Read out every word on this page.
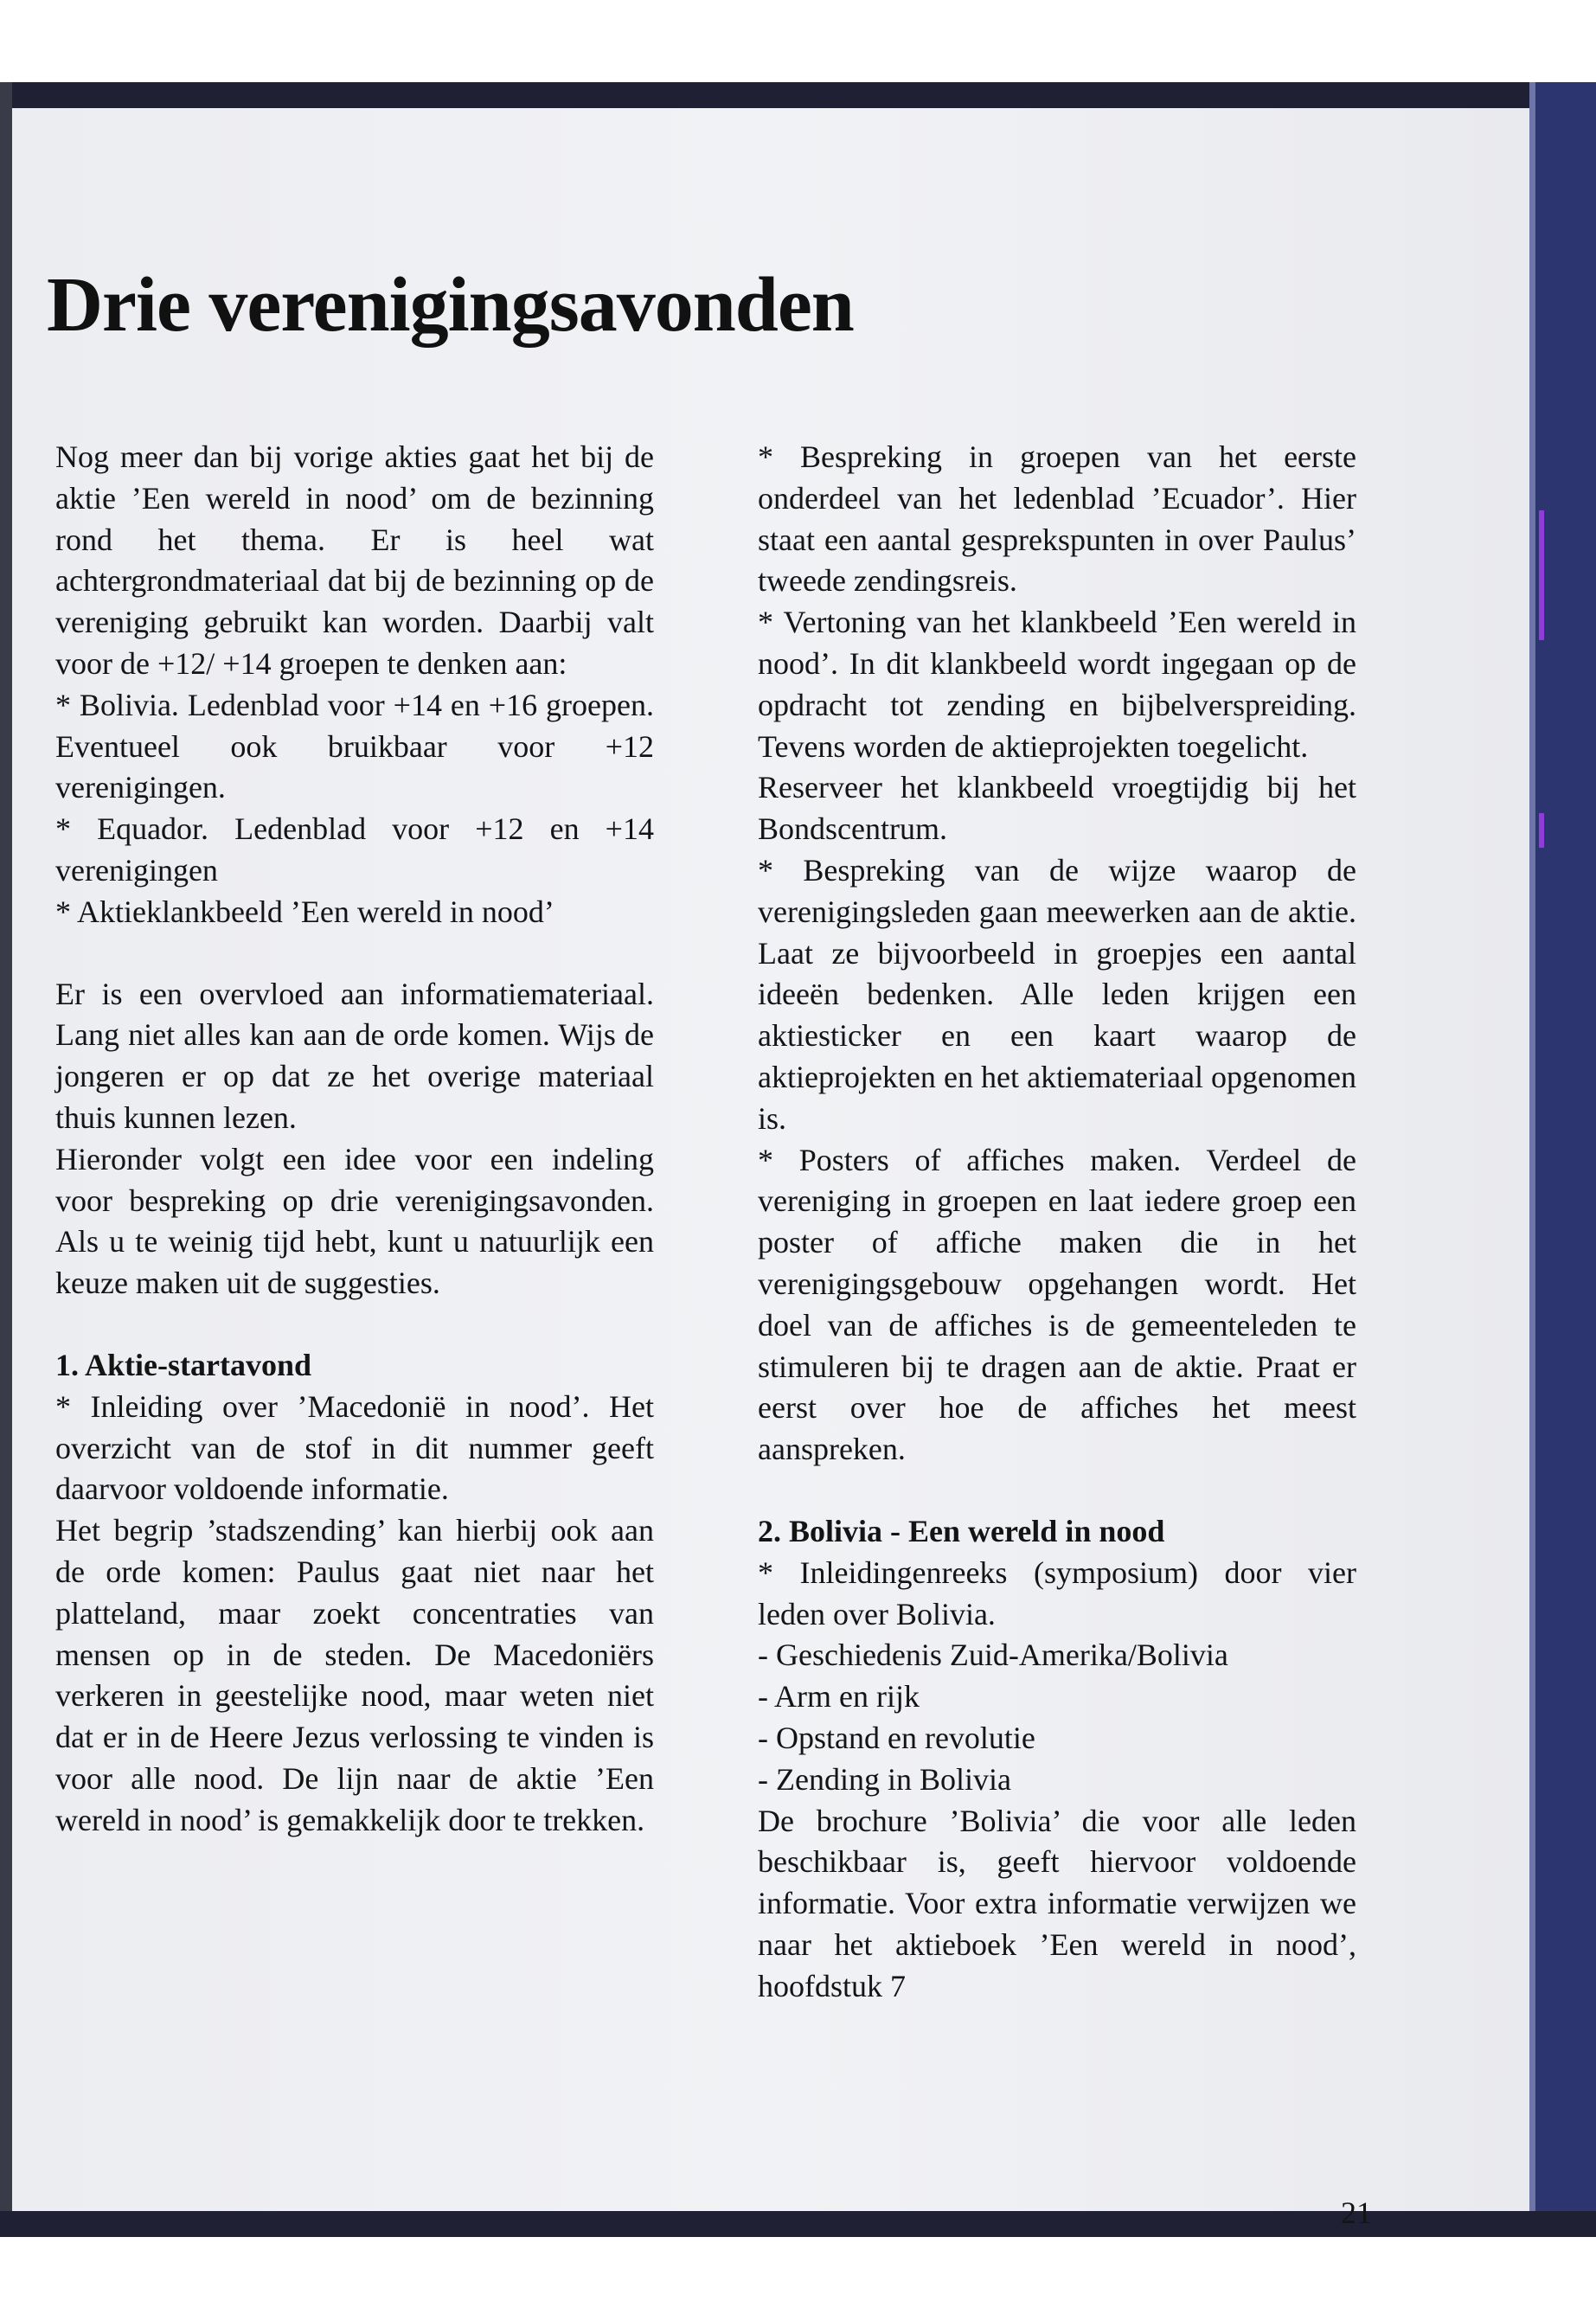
Drie verenigingsavonden

Nog meer dan bij vorige akties gaat het bij de aktie ’Een wereld in nood’ om de bezinning rond het thema. Er is heel wat achtergrondmateriaal dat bij de bezinning op de vereniging gebruikt kan worden. Daarbij valt voor de +12/ +14 groepen te denken aan:

* Bolivia. Ledenblad voor +14 en +16 groepen. Eventueel ook bruikbaar voor +12 verenigingen.

* Equador. Ledenblad voor +12 en +14 verenigingen

* Aktieklankbeeld ’Een wereld in nood’

Er is een overvloed aan informatiemateriaal. Lang niet alles kan aan de orde komen. Wijs de jongeren er op dat ze het overige materiaal thuis kunnen lezen.

Hieronder volgt een idee voor een indeling voor bespreking op drie verenigingsavonden. Als u te weinig tijd hebt, kunt u natuurlijk een keuze maken uit de suggesties.

1. Aktie-startavond

* Inleiding over ’Macedonië in nood’. Het overzicht van de stof in dit nummer geeft daarvoor voldoende informatie.

Het begrip ’stadszending’ kan hierbij ook aan de orde komen: Paulus gaat niet naar het platteland, maar zoekt concentraties van mensen op in de steden. De Macedoniërs verkeren in geestelijke nood, maar weten niet dat er in de Heere Jezus verlossing te vinden is voor alle nood. De lijn naar de aktie ’Een wereld in nood’ is gemakkelijk door te trekken.

* Bespreking in groepen van het eerste onderdeel van het ledenblad ’Ecuador’. Hier staat een aantal gesprekspunten in over Paulus’ tweede zendingsreis.

* Vertoning van het klankbeeld ’Een wereld in nood’. In dit klankbeeld wordt ingegaan op de opdracht tot zending en bijbelverspreiding. Tevens worden de aktieprojekten toegelicht.

Reserveer het klankbeeld vroegtijdig bij het Bondscentrum.

* Bespreking van de wijze waarop de verenigingsleden gaan meewerken aan de aktie. Laat ze bijvoorbeeld in groepjes een aantal ideeën bedenken. Alle leden krijgen een aktiesticker en een kaart waarop de aktieprojekten en het aktiemateriaal opgenomen is.

* Posters of affiches maken. Verdeel de vereniging in groepen en laat iedere groep een poster of affiche maken die in het verenigingsgebouw opgehangen wordt. Het doel van de affiches is de gemeenteleden te stimuleren bij te dragen aan de aktie. Praat er eerst over hoe de affiches het meest aanspreken.

2. Bolivia - Een wereld in nood

* Inleidingenreeks (symposium) door vier leden over Bolivia.

- Geschiedenis Zuid-Amerika/Bolivia

- Arm en rijk

- Opstand en revolutie

- Zending in Bolivia

De brochure ’Bolivia’ die voor alle leden beschikbaar is, geeft hiervoor voldoende informatie. Voor extra informatie verwijzen we naar het aktieboek ’Een wereld in nood’, hoofdstuk 7

21
